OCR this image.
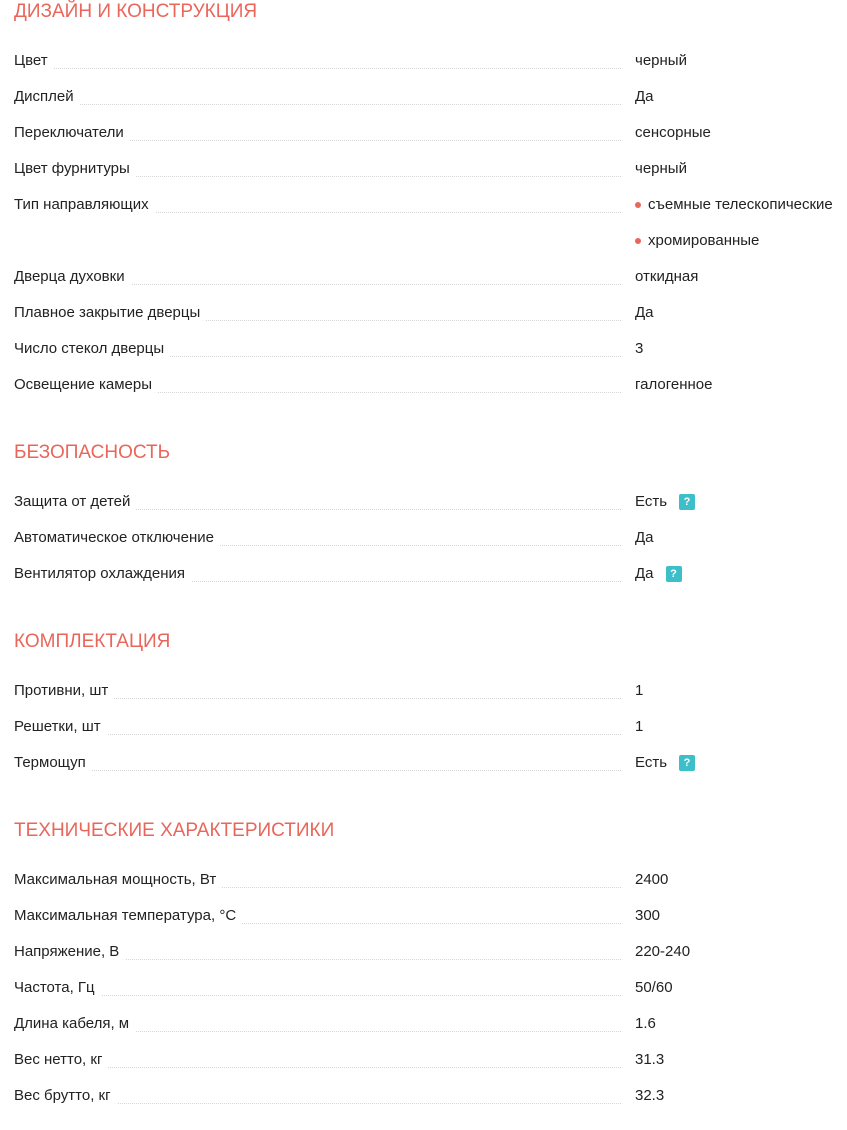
ДИЗАЙН И КОНСТРУКЦИЯ
Цвет	черный
Дисплей	Да
Переключатели	сенсорные
Цвет фурнитуры	черный
Тип направляющих	съемные телескопические
хромированные
Дверца духовки	откидная
Плавное закрытие дверцы	Да
Число стекол дверцы	3
Освещение камеры	галогенное
БЕЗОПАСНОСТЬ
Защита от детей	Есть	?
Автоматическое отключение	Да
Вентилятор охлаждения	Да	?
КОМПЛЕКТАЦИЯ
Противни, шт	1
Решетки, шт	1
Термощуп	Есть	?
ТЕХНИЧЕСКИЕ ХАРАКТЕРИСТИКИ
Максимальная мощность, Вт	2400
Максимальная температура, °С	300
Напряжение, В	220-240
Частота, Гц	50/60
Длина кабеля, м	1.6
Вес нетто, кг	31.3
Вес брутто, кг	32.3
